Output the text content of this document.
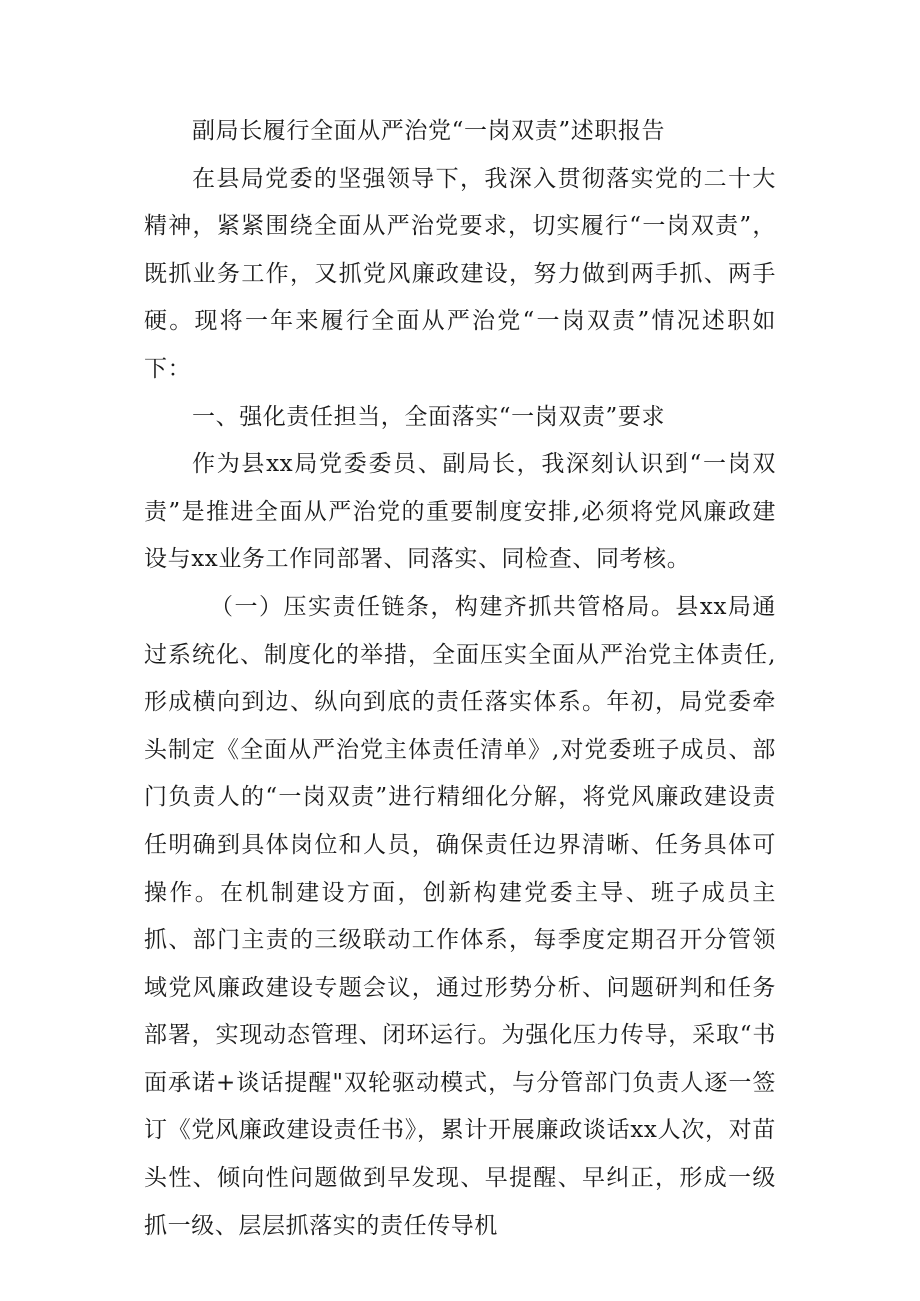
副局长履行全面从严治党“一岗双责”述职报告

在县局党委的坚强领导下，我深入贯彻落实党的二十大精神，紧紧围绕全面从严治党要求，切实履行“一岗双责”，既抓业务工作，又抓党风廉政建设，努力做到两手抓、两手硬。现将一年来履行全面从严治党“一岗双责”情况述职如下：

一、强化责任担当，全面落实“一岗双责”要求

作为县xx局党委委员、副局长，我深刻认识到“一岗双责”是推进全面从严治党的重要制度安排,必须将党风廉政建设与xx业务工作同部署、同落实、同检查、同考核。

（一）压实责任链条，构建齐抓共管格局。县xx局通过系统化、制度化的举措，全面压实全面从严治党主体责任,形成横向到边、纵向到底的责任落实体系。年初，局党委牵头制定《全面从严治党主体责任清单》,对党委班子成员、部门负责人的“一岗双责”进行精细化分解，将党风廉政建设责任明确到具体岗位和人员，确保责任边界清晰、任务具体可操作。在机制建设方面，创新构建党委主导、班子成员主抓、部门主责的三级联动工作体系，每季度定期召开分管领域党风廉政建设专题会议，通过形势分析、问题研判和任务部署，实现动态管理、闭环运行。为强化压力传导，采取“书面承诺+谈话提醒"双轮驱动模式，与分管部门负责人逐一签订《党风廉政建设责任书》，累计开展廉政谈话xx人次，对苗头性、倾向性问题做到早发现、早提醒、早纠正，形成一级抓一级、层层抓落实的责任传导机
